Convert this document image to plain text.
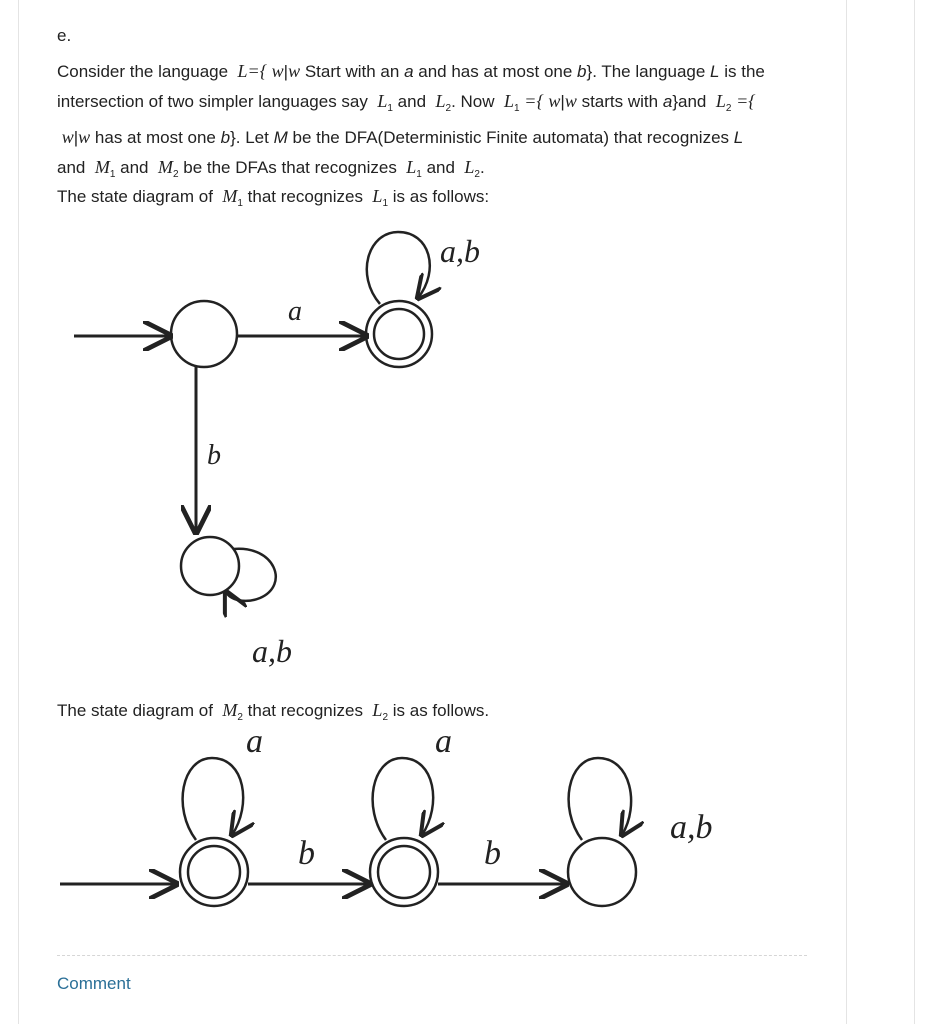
e.
Consider the language L={ w|w Start with an a and has at most one b}. The language L is the
intersection of two simpler languages say $L_1$ and $L_2$. Now $L_1$ ={ w|w starts with a}and $L_2$ ={
w|w has at most one b}. Let M be the DFA(Deterministic Finite automata) that recognizes L
and $M_1$ and $M_2$ be the DFAs that recognizes $L_1$ and $L_2$.
The state diagram of $M_1$ that recognizes $L_1$ is as follows:
The state diagram of $M_2$ that recognizes $L_2$ is as follows.
a
a,b
b
a,b
a
b
a
b
a,b
Comment
